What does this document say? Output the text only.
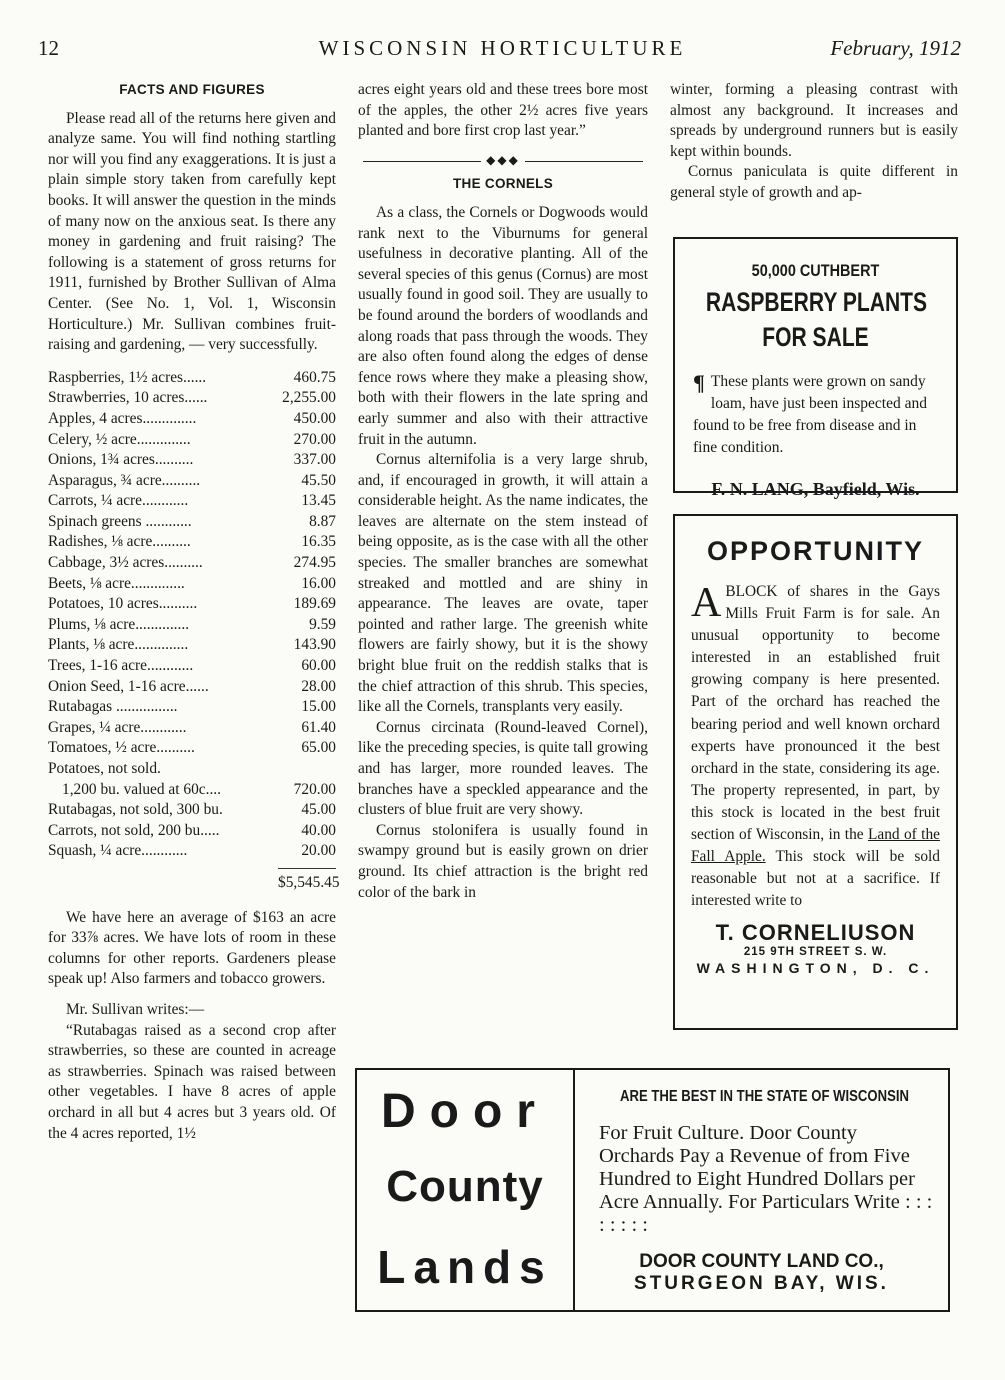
12	WISCONSIN HORTICULTURE	February, 1912
FACTS AND FIGURES

Please read all of the returns here given and analyze same. You will find nothing startling nor will you find any exaggerations. It is just a plain simple story taken from carefully kept books. It will answer the question in the minds of many now on the anxious seat. Is there any money in gardening and fruit raising? The following is a statement of gross returns for 1911, furnished by Brother Sullivan of Alma Center. (See No. 1, Vol. 1, Wisconsin Horticulture.) Mr. Sullivan combines fruit-raising and gardening, — very successfully.

Raspberries, 1½ acres......	460.75
Strawberries, 10 acres......	2,255.00
Apples, 4 acres..............	450.00
Celery, ½ acre..............	270.00
Onions, 1¾ acres..........	337.00
Asparagus, ¾ acre..........	45.50
Carrots, ¼ acre............	13.45
Spinach greens ............	8.87
Radishes, ⅛ acre..........	16.35
Cabbage, 3½ acres..........	274.95
Beets, ⅛ acre..............	16.00
Potatoes, 10 acres..........	189.69
Plums, ⅛ acre..............	9.59
Plants, ⅛ acre..............	143.90
Trees, 1-16 acre............	60.00
Onion Seed, 1-16 acre......	28.00
Rutabagas ................	15.00
Grapes, ¼ acre............	61.40
Tomatoes, ½ acre..........	65.00
Potatoes, not sold.
1,200 bu. valued at 60c....	720.00
Rutabagas, not sold, 300 bu.	45.00
Carrots, not sold, 200 bu.....	40.00
Squash, ¼ acre............	20.00
$5,545.45

We have here an average of $163 an acre for 33⅞ acres. We have lots of room in these columns for other reports. Gardeners please speak up! Also farmers and tobacco growers.

Mr. Sullivan writes:—

“Rutabagas raised as a second crop after strawberries, so these are counted in acreage as strawberries. Spinach was raised between other vegetables. I have 8 acres of apple orchard in all but 4 acres but 3 years old. Of the 4 acres reported, 1½

acres eight years old and these trees bore most of the apples, the other 2½ acres five years planted and bore first crop last year.”

◆◆◆
THE CORNELS

As a class, the Cornels or Dogwoods would rank next to the Viburnums for general usefulness in decorative planting. All of the several species of this genus (Cornus) are most usually found in good soil. They are usually to be found around the borders of woodlands and along roads that pass through the woods. They are also often found along the edges of dense fence rows where they make a pleasing show, both with their flowers in the late spring and early summer and also with their attractive fruit in the autumn.

Cornus alternifolia is a very large shrub, and, if encouraged in growth, it will attain a considerable height. As the name indicates, the leaves are alternate on the stem instead of being opposite, as is the case with all the other species. The smaller branches are somewhat streaked and mottled and are shiny in appearance. The leaves are ovate, taper pointed and rather large. The greenish white flowers are fairly showy, but it is the showy bright blue fruit on the reddish stalks that is the chief attraction of this shrub. This species, like all the Cornels, transplants very easily.

Cornus circinata (Round-leaved Cornel), like the preceding species, is quite tall growing and has larger, more rounded leaves. The branches have a speckled appearance and the clusters of blue fruit are very showy.

Cornus stolonifera is usually found in swampy ground but is easily grown on drier ground. Its chief attraction is the bright red color of the bark in

winter, forming a pleasing contrast with almost any background. It increases and spreads by underground runners but is easily kept within bounds.

Cornus paniculata is quite different in general style of growth and ap-

50,000 CUTHBERT
RASPBERRY PLANTS
FOR SALE
¶ These plants were grown on sandy loam, have just been inspected and found to be free from disease and in fine condition.
F. N. LANG, Bayfield, Wis.
OPPORTUNITY
A BLOCK of shares in the Gays Mills Fruit Farm is for sale. An unusual opportunity to become interested in an established fruit growing company is here presented. Part of the orchard has reached the bearing period and well known orchard experts have pronounced it the best orchard in the state, considering its age. The property represented, in part, by this stock is located in the best fruit section of Wisconsin, in the Land of the Fall Apple. This stock will be sold reasonable but not at a sacrifice. If interested write to
T. CORNELIUSON
215 9TH STREET S. W.
WASHINGTON, D. C.
Door
County
Lands
ARE THE BEST IN THE STATE OF WISCONSIN
For Fruit Culture. Door County Orchards Pay a Revenue of from Five Hundred to Eight Hundred Dollars per Acre Annually. For Particulars Write : : : : : : : :
DOOR COUNTY LAND CO.,
STURGEON BAY, WIS.
